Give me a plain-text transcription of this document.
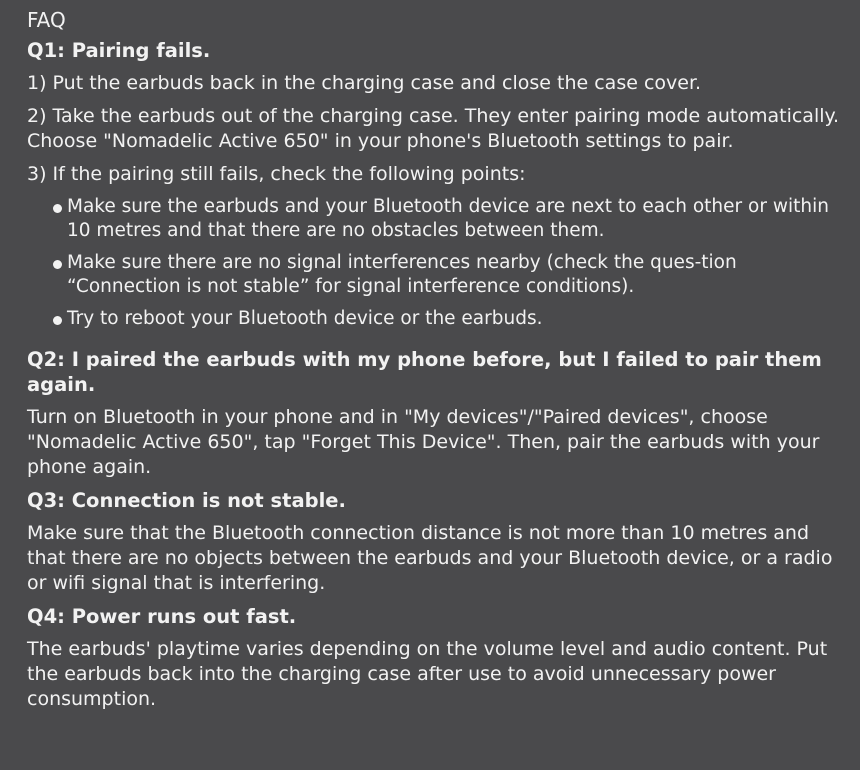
FAQ
Q1: Pairing fails.
1) Put the earbuds back in the charging case and close the case cover.
2) Take the earbuds out of the charging case. They enter pairing mode automatically. Choose "Nomadelic Active 650" in your phone's Bluetooth settings to pair.
3) If the pairing still fails, check the following points:
Make sure the earbuds and your Bluetooth device are next to each other or within 10 metres and that there are no obstacles between them.
Make sure there are no signal interferences nearby (check the ques-tion “Connection is not stable” for signal interference conditions).
Try to reboot your Bluetooth device or the earbuds.
Q2: I paired the earbuds with my phone before, but I failed to pair them again.
Turn on Bluetooth in your phone and in "My devices"/"Paired devices", choose "Nomadelic Active 650", tap "Forget This Device". Then, pair the earbuds with your phone again.
Q3: Connection is not stable.
Make sure that the Bluetooth connection distance is not more than 10 metres and that there are no objects between the earbuds and your Bluetooth device, or a radio or wifi signal that is interfering.
Q4: Power runs out fast.
The earbuds' playtime varies depending on the volume level and audio content. Put the earbuds back into the charging case after use to avoid unnecessary power consumption.
